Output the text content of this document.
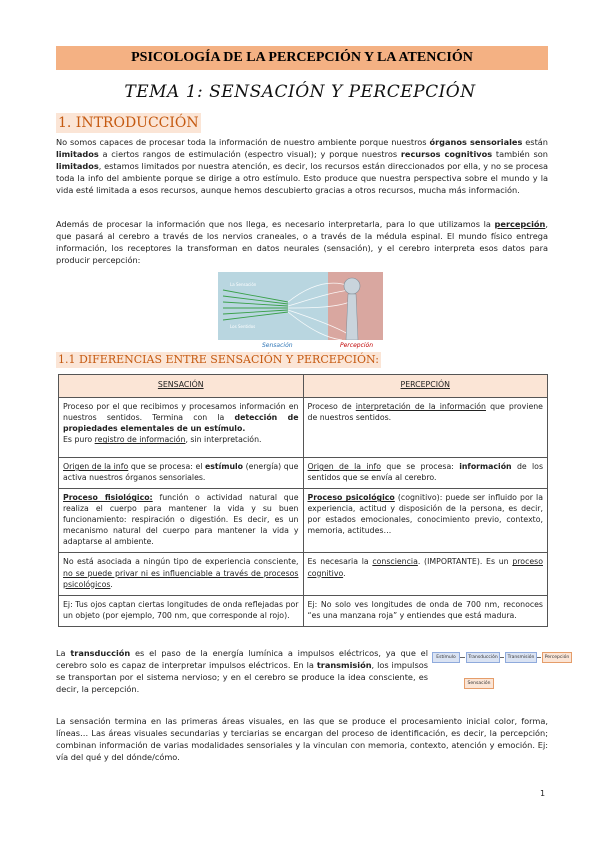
PSICOLOGÍA DE LA PERCEPCIÓN Y LA ATENCIÓN
TEMA 1: SENSACIÓN Y PERCEPCIÓN
1. INTRODUCCIÓN

No somos capaces de procesar toda la información de nuestro ambiente porque nuestros órganos sensoriales están limitados a ciertos rangos de estimulación (espectro visual); y porque nuestros recursos cognitivos también son limitados, estamos limitados por nuestra atención, es decir, los recursos están direccionados por ella, y no se procesa toda la info del ambiente porque se dirige a otro estímulo. Esto produce que nuestra perspectiva sobre el mundo y la vida esté limitada a esos recursos, aunque hemos descubierto gracias a otros recursos, mucha más información.

Además de procesar la información que nos llega, es necesario interpretarla, para lo que utilizamos la percepción, que pasará al cerebro a través de los nervios craneales, o a través de la médula espinal. El mundo físico entrega información, los receptores la transforman en datos neurales (sensación), y el cerebro interpreta esos datos para producir percepción:

La Sensación
Los Sentidos
Sensación	Percepción
1.1 DIFERENCIAS ENTRE SENSACIÓN Y PERCEPCIÓN:
SENSACIÓN	PERCEPCIÓN
Proceso por el que recibimos y procesamos información en nuestros sentidos. Termina con la detección de propiedades elementales de un estímulo.
Es puro registro de información, sin interpretación.	Proceso de interpretación de la información que proviene de nuestros sentidos.
Origen de la info que se procesa: el estímulo (energía) que activa nuestros órganos sensoriales.	Origen de la info que se procesa: información de los sentidos que se envía al cerebro.
Proceso fisiológico: función o actividad natural que realiza el cuerpo para mantener la vida y su buen funcionamiento: respiración o digestión. Es decir, es un mecanismo natural del cuerpo para mantener la vida y adaptarse al ambiente.	Proceso psicológico (cognitivo): puede ser influido por la experiencia, actitud y disposición de la persona, es decir, por estados emocionales, conocimiento previo, contexto, memoria, actitudes…
No está asociada a ningún tipo de experiencia consciente, no se puede privar ni es influenciable a través de procesos psicológicos.	Es necesaria la consciencia. (IMPORTANTE). Es un proceso cognitivo.
Ej: Tus ojos captan ciertas longitudes de onda reflejadas por un objeto (por ejemplo, 700 nm, que corresponde al rojo).	Ej: No solo ves longitudes de onda de 700 nm, reconoces “es una manzana roja” y entiendes que está madura.

La transducción es el paso de la energía lumínica a impulsos eléctricos, ya que el cerebro solo es capaz de interpretar impulsos eléctricos. En la transmisión, los impulsos se transportan por el sistema nervioso; y en el cerebro se produce la idea consciente, es decir, la percepción.

Estímulo	Transducción	Transmisión	Percepción
Sensación

La sensación termina en las primeras áreas visuales, en las que se produce el procesamiento inicial color, forma, líneas… Las áreas visuales secundarias y terciarias se encargan del proceso de identificación, es decir, la percepción; combinan información de varias modalidades sensoriales y la vinculan con memoria, contexto, atención y emoción. Ej: vía del qué y del dónde/cómo.

1
